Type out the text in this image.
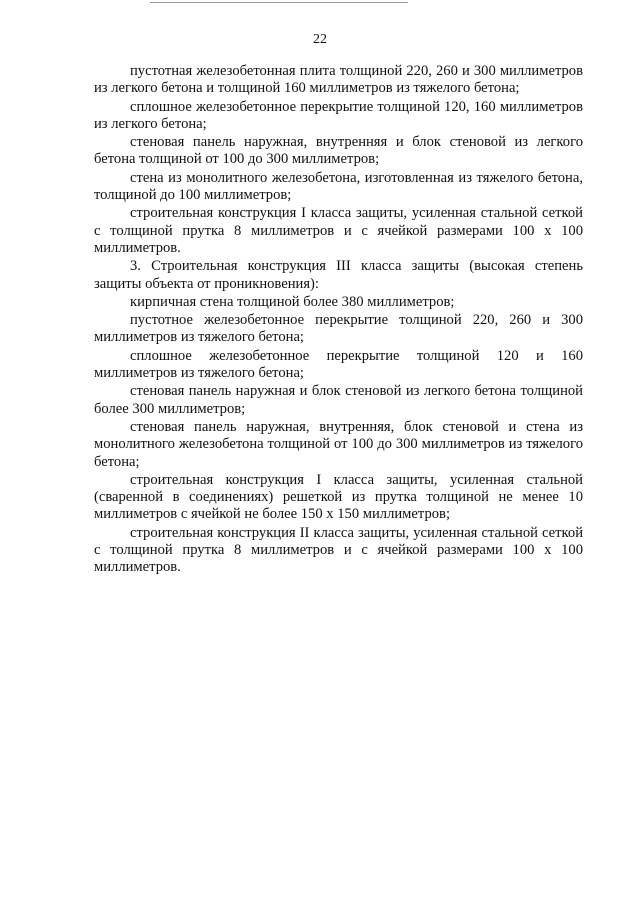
22

пустотная железобетонная плита толщиной 220, 260 и 300 миллиметров из легкого бетона и толщиной 160 миллиметров из тяжелого бетона;

сплошное железобетонное перекрытие толщиной 120, 160 миллиметров из легкого бетона;

стеновая панель наружная, внутренняя и блок стеновой из легкого бетона толщиной от 100 до 300 миллиметров;

стена из монолитного железобетона, изготовленная из тяжелого бетона, толщиной до 100 миллиметров;

строительная конструкция I класса защиты, усиленная стальной сеткой с толщиной прутка 8 миллиметров и с ячейкой размерами 100 x 100 миллиметров.

3. Строительная конструкция III класса защиты (высокая степень защиты объекта от проникновения):

кирпичная стена толщиной более 380 миллиметров;

пустотное железобетонное перекрытие толщиной 220, 260 и 300 миллиметров из тяжелого бетона;

сплошное железобетонное перекрытие толщиной 120 и 160 миллиметров из тяжелого бетона;

стеновая панель наружная и блок стеновой из легкого бетона толщиной более 300 миллиметров;

стеновая панель наружная, внутренняя, блок стеновой и стена из монолитного железобетона толщиной от 100 до 300 миллиметров из тяжелого бетона;

строительная конструкция I класса защиты, усиленная стальной (сваренной в соединениях) решеткой из прутка толщиной не менее 10 миллиметров с ячейкой не более 150 x 150 миллиметров;

строительная конструкция II класса защиты, усиленная стальной сеткой с толщиной прутка 8 миллиметров и с ячейкой размерами 100 x 100 миллиметров.
